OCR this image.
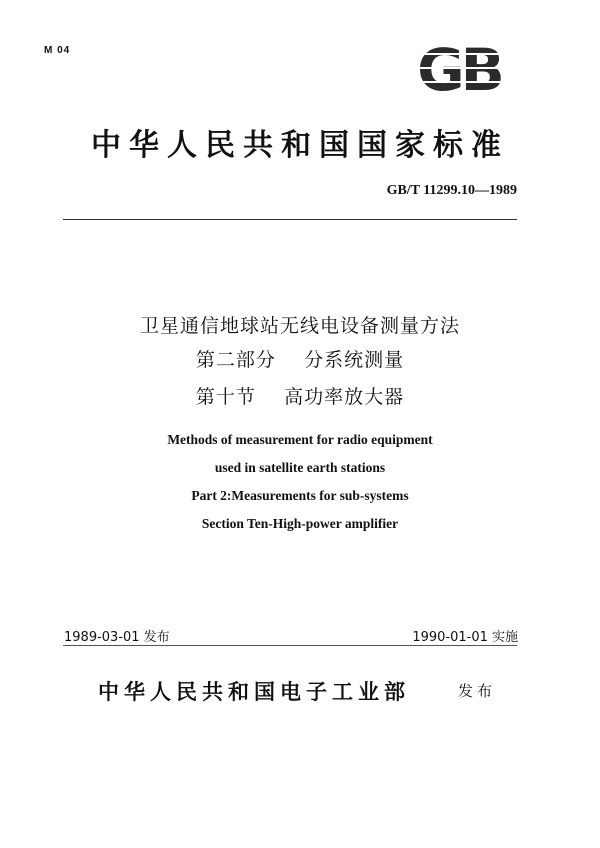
M 04	GB
中华人民共和国国家标准
GB/T 11299.10—1989
卫星通信地球站无线电设备测量方法
第二部分    分系统测量
第十节    高功率放大器
Methods of measurement for radio equipment
used in satellite earth stations
Part 2:Measurements for sub-systems
Section Ten-High-power amplifier
1989-03-01 发布	1990-01-01 实施
中华人民共和国电子工业部	发布
